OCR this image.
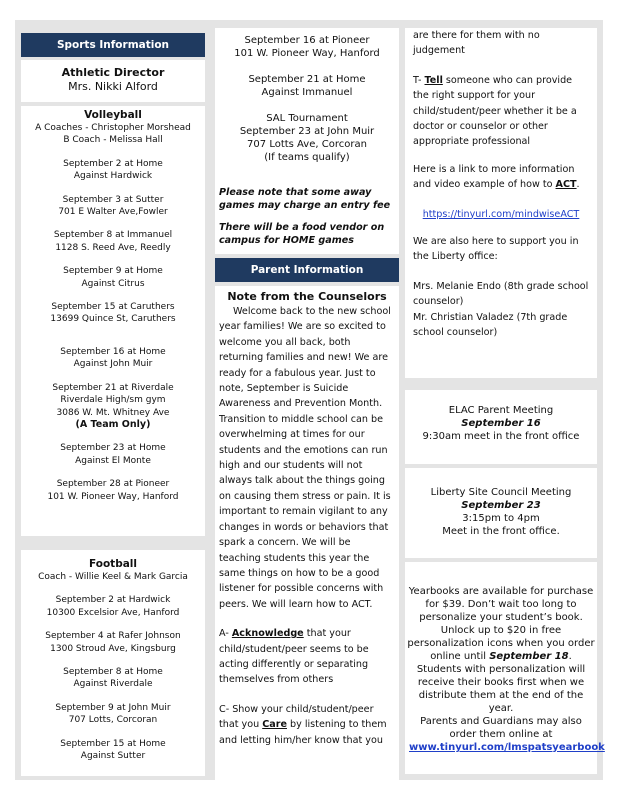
Sports Information
Athletic Director
Mrs. Nikki Alford
Volleyball
A Coaches - Christopher Morshead
B Coach - Melissa Hall
September 2 at Home
Against Hardwick
September 3 at Sutter
701 E Walter Ave,Fowler
September 8 at Immanuel
1128 S. Reed Ave, Reedly
September 9 at Home
Against Citrus
September 15 at Caruthers
13699 Quince St, Caruthers
September 16 at Home
Against John Muir
September 21 at Riverdale
Riverdale High/sm gym
3086 W. Mt. Whitney Ave
(A Team Only)
September 23 at Home
Against El Monte
September 28 at Pioneer
101 W. Pioneer Way, Hanford
Football
Coach - Willie Keel & Mark Garcia
September 2 at Hardwick
10300 Excelsior Ave, Hanford
September 4 at Rafer Johnson
1300 Stroud Ave, Kingsburg
September 8 at Home
Against Riverdale
September 9 at John Muir
707 Lotts, Corcoran
September 15 at Home
Against Sutter
September 16 at Pioneer
101 W. Pioneer Way, Hanford
September 21 at Home
Against Immanuel
SAL Tournament
September 23 at John Muir
707 Lotts Ave, Corcoran
(If teams qualify)
Please note that some away games may charge an entry fee
There will be a food vendor on campus for HOME games
Parent Information
Note from the Counselors
Welcome back to the new school year families! We are so excited to welcome you all back, both returning families and new! We are ready for a fabulous year. Just to note, September is Suicide Awareness and Prevention Month. Transition to middle school can be overwhelming at times for our students and the emotions can run high and our students will not always talk about the things going on causing them stress or pain. It is important to remain vigilant to any changes in words or behaviors that spark a concern. We will be teaching students this year the same things on how to be a good listener for possible concerns with peers. We will learn how to ACT.
A- Acknowledge that your child/student/peer seems to be acting differently or separating themselves from others
C- Show your child/student/peer that you Care by listening to them and letting him/her know that you
are there for them with no judgement
T- Tell someone who can provide the right support for your child/student/peer whether it be a doctor or counselor or other appropriate professional
Here is a link to more information and video example of how to ACT.
https://tinyurl.com/mindwiseACT
We are also here to support you in the Liberty office:
Mrs. Melanie Endo (8th grade school counselor)
Mr. Christian Valadez (7th grade school counselor)
ELAC Parent Meeting
September 16
9:30am meet in the front office
Liberty Site Council Meeting
September 23
3:15pm to 4pm
Meet in the front office.
Yearbooks are available for purchase for $39. Don’t wait too long to personalize your student’s book. Unlock up to $20 in free personalization icons when you order online until September 18. Students with personalization will receive their books first when we distribute them at the end of the year.
Parents and Guardians may also order them online at
www.tinyurl.com/lmspatsyearbook
